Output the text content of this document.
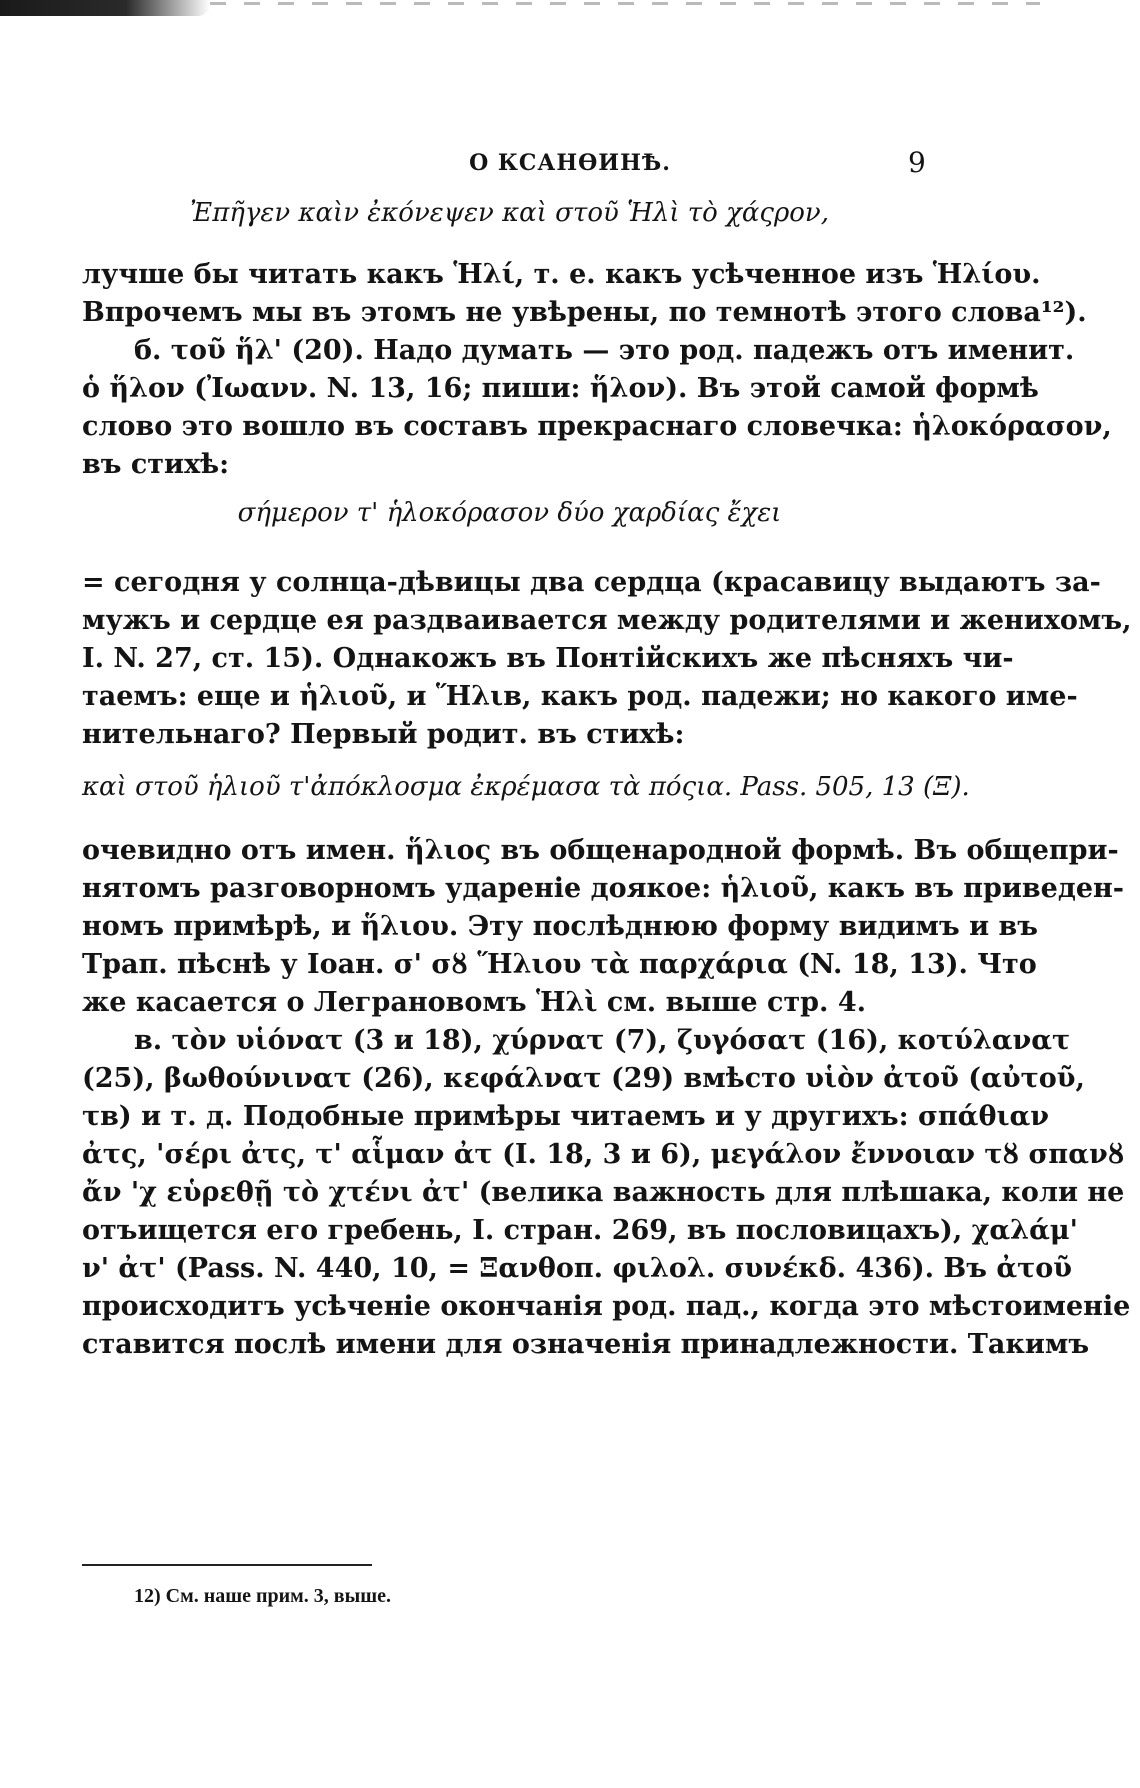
О КСАНѲИНѢ.	9
Ἐπῆγεν καὶν ἐκόνεψεν καὶ στοῦ Ἡλὶ τὸ χάςρον,
лучше бы читать какъ Ἡλί, т. е. какъ усѣченное изъ Ἡλίου.
Впрочемъ мы въ этомъ не увѣрены, по темнотѣ этого слова¹²).
б. τοῦ ἥλ' (20). Надо думать — это род. падежъ отъ именит.
ὁ ἥλον (Ἰωανν. N. 13, 16; пиши: ἥλον). Въ этой самой формѣ
слово это вошло въ составъ прекраснаго словечка: ἡλοκόρασον,
въ стихѣ:
σήμερον τ' ἡλοκόρασον δύο χαρδίας ἔχει
= сегодня у солнца-дѣвицы два сердца (красавицу выдаютъ за-
мужъ и сердце ея раздваивается между родителями и женихомъ,
I. N. 27, ст. 15). Однакожъ въ Понтійскихъ же пѣсняхъ чи-
таемъ: еще и ἡλιοῦ, и Ἥλιв, какъ род. падежи; но какого име-
нительнаго? Первый родит. въ стихѣ:
καὶ στοῦ ἡλιοῦ τ'ἀπόκλοσμα ἐκρέμασα τὰ πόςια. Pass. 505, 13 (Ξ).
очевидно отъ имен. ἥλιος въ общенародной формѣ. Въ общепри-
нятомъ разговорномъ удареніе доякое: ἡλιοῦ, какъ въ приведен-
номъ примѣрѣ, и ἥλιου. Эту послѣднюю форму видимъ и въ
Трап. пѣснѣ у Іоан. σ' σȣ Ἥλιου τὰ παρχάρια (N. 18, 13). Что
же касается о Леграновомъ Ἡλὶ см. выше стр. 4.
в. τὸν υἱόνατ (3 и 18), χύρνατ (7), ζυγόσατ (16), κοτύλανατ
(25), βωθούνινατ (26), κεφάλνατ (29) вмѣсто υἱὸν ἀτοῦ (αὐτοῦ,
τв) и т. д. Подобные примѣры читаемъ и у другихъ: σπάθιαν
ἀτς, 'σέρι ἀτς, τ' αἷμαν ἀτ (I. 18, 3 и 6), μεγάλον ἔννοιαν τȣ σπανȣ
ἄν 'χ εὑρεθῇ τὸ χτένι ἀτ' (велика важность для плѣшака, коли не
отъищется его гребень, I. стран. 269, въ пословицахъ), χαλάμ'
ν' ἀτ' (Pass. N. 440, 10, = Ξανθοπ. φιλολ. συνέκδ. 436). Въ ἀτοῦ
происходитъ усѣченіе окончанія род. пад., когда это мѣстоименіе
ставится послѣ имени для означенія принадлежности. Такимъ
12) См. наше прим. 3, выше.
